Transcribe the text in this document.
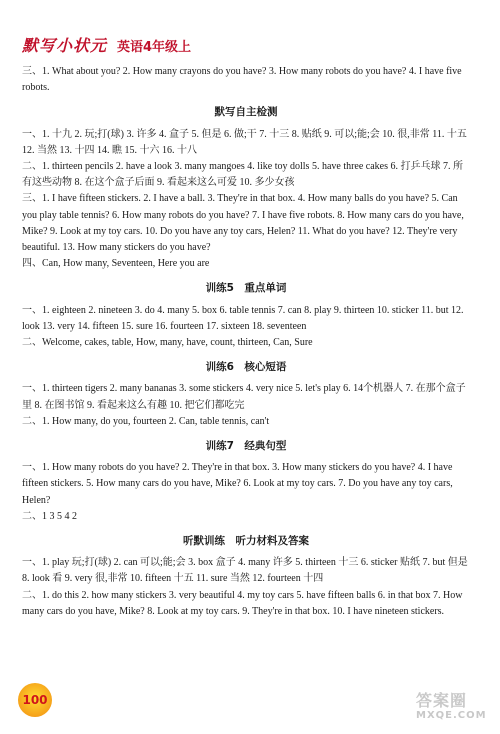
默写小状元 英语4年级上
三、1. What about you? 2. How many crayons do you have? 3. How many robots do you have? 4. I have five robots.
默写自主检测
一、1. 十九 2. 玩;打(球) 3. 许多 4. 盒子 5. 但是 6. 做;干 7. 十三 8. 贴纸 9. 可以;能;会 10. 很,非常 11. 十五 12. 当然 13. 十四 14. 瞧 15. 十六 16. 十八
二、1. thirteen pencils 2. have a look 3. many mangoes 4. like toy dolls 5. have three cakes 6. 打乒乓球 7. 所有这些动物 8. 在这个盒子后面 9. 看起来这么可爱 10. 多少女孩
三、1. I have fifteen stickers. 2. I have a ball. 3. They're in that box. 4. How many balls do you have? 5. Can you play table tennis? 6. How many robots do you have? 7. I have five robots. 8. How many cars do you have, Mike? 9. Look at my toy cars. 10. Do you have any toy cars, Helen? 11. What do you have? 12. They're very beautiful. 13. How many stickers do you have?
四、Can, How many, Seventeen, Here you are
训练5　重点单词
一、1. eighteen 2. nineteen 3. do 4. many 5. box 6. table tennis 7. can 8. play 9. thirteen 10. sticker 11. but 12. look 13. very 14. fifteen 15. sure 16. fourteen 17. sixteen 18. seventeen
二、Welcome, cakes, table, How, many, have, count, thirteen, Can, Sure
训练6　核心短语
一、1. thirteen tigers 2. many bananas 3. some stickers 4. very nice 5. let's play 6. 14个机器人 7. 在那个盒子里 8. 在图书馆 9. 看起来这么有趣 10. 把它们都吃完
二、1. How many, do you, fourteen 2. Can, table tennis, can't
训练7　经典句型
一、1. How many robots do you have? 2. They're in that box. 3. How many stickers do you have? 4. I have fifteen stickers. 5. How many cars do you have, Mike? 6. Look at my toy cars. 7. Do you have any toy cars, Helen?
二、1 3 5 4 2
听默训练　听力材料及答案
一、1. play 玩;打(球) 2. can 可以;能;会 3. box 盒子 4. many 许多 5. thirteen 十三 6. sticker 贴纸 7. but 但是 8. look 看 9. very 很,非常 10. fifteen 十五 11. sure 当然 12. fourteen 十四
二、1. do this 2. how many stickers 3. very beautiful 4. my toy cars 5. have fifteen balls 6. in that box 7. How many cars do you have, Mike? 8. Look at my toy cars. 9. They're in that box. 10. I have nineteen stickers.
100	答案圈
MXQE.COM
